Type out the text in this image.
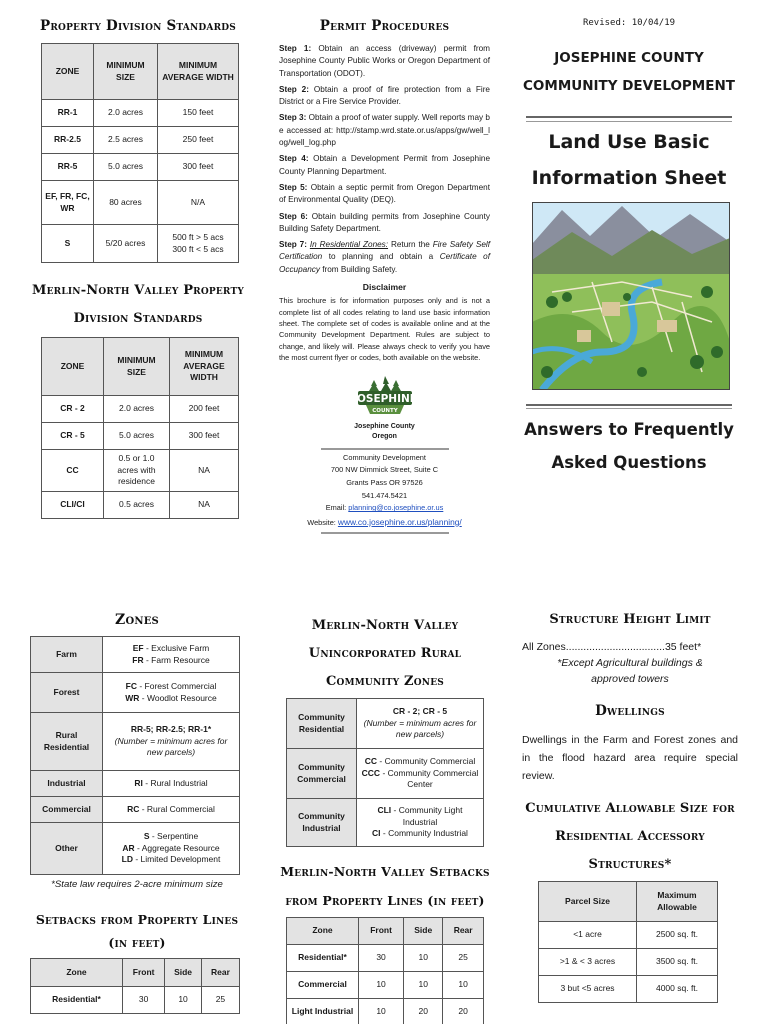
Property Division Standards
ZONE	MINIMUM SIZE	MINIMUM AVERAGE WIDTH
RR-1	2.0 acres	150 feet
RR-2.5	2.5 acres	250 feet
RR-5	5.0 acres	300 feet
EF, FR, FC, WR	80 acres	N/A
S	5/20 acres	500 ft > 5 acs
300 ft < 5 acs
Merlin-North Valley Property Division Standards
ZONE	MINIMUM SIZE	MINIMUM AVERAGE WIDTH
CR - 2	2.0 acres	200 feet
CR - 5	5.0 acres	300 feet
CC	0.5 or 1.0 acres with residence	NA
CLI/CI	0.5 acres	NA
Permit Procedures
Step 1: Obtain an access (driveway) permit from Josephine County Public Works or Oregon Department of Transportation (ODOT).
Step 2: Obtain a proof of fire protection from a Fire District or a Fire Service Provider.
Step 3: Obtain a proof of water supply. Well reports may be accessed at: http://stamp.wrd.state.or.us/apps/gw/well_log/well_log.php
Step 4: Obtain a Development Permit from Josephine County Planning Department.
Step 5: Obtain a septic permit from Oregon Department of Environmental Quality (DEQ).
Step 6: Obtain building permits from Josephine County Building Safety Department.
Step 7: In Residential Zones: Return the Fire Safety Self Certification to planning and obtain a Certificate of Occupancy from Building Safety.
Disclaimer
This brochure is for information purposes only and is not a complete list of all codes relating to land use basic information sheet. The complete set of codes is available online and at the Community Development Department. Rules are subject to change, and likely will. Please always check to verify you have the most current flyer or codes, both available on the website.
JOSEPHINE
COUNTY
Josephine County
Oregon
Community Development
700 NW Dimmick Street, Suite C
Grants Pass OR 97526
541.474.5421
Email: planning@co.josephine.or.us
Website: www.co.josephine.or.us/planning/
Revised: 10/04/19
JOSEPHINE COUNTY
COMMUNITY DEVELOPMENT
Land Use Basic
Information Sheet
Answers to Frequently
Asked Questions
Zones
Farm	EF - Exclusive Farm
FR - Farm Resource

Forest	FC - Forest Commercial
WR - Woodlot Resource

Rural Residential	RR-5; RR-2.5; RR-1*
(Number = minimum acres for new parcels)

Industrial	RI - Rural Industrial

Commercial	RC - Rural Commercial

Other	S - Serpentine
AR - Aggregate Resource
LD - Limited Development
*State law requires 2-acre minimum size
Setbacks from Property Lines (in feet)
Zone	Front	Side	Rear
Residential*	30	10	25
Merlin-North Valley Unincorporated Rural Community Zones
Community Residential	CR - 2; CR - 5
(Number = minimum acres for new parcels)

Community Commercial	CC - Community Commercial
CCC - Community Commercial Center

Community Industrial	CLI - Community Light Industrial
CI - Community Industrial
Merlin-North Valley Setbacks from Property Lines (in feet)
Zone	Front	Side	Rear
Residential*	30	10	25
Commercial	10	10	10
Light Industrial	10	20	20
Structure Height Limit
All Zones..................................35 feet*
*Except Agricultural buildings & approved towers
Dwellings
Dwellings in the Farm and Forest zones and in the flood hazard area require special review.
Cumulative Allowable Size for Residential Accessory Structures*
Parcel Size	Maximum Allowable
<1 acre	2500 sq. ft.
>1 & < 3 acres	3500 sq. ft.
3 but <5 acres	4000 sq. ft.
